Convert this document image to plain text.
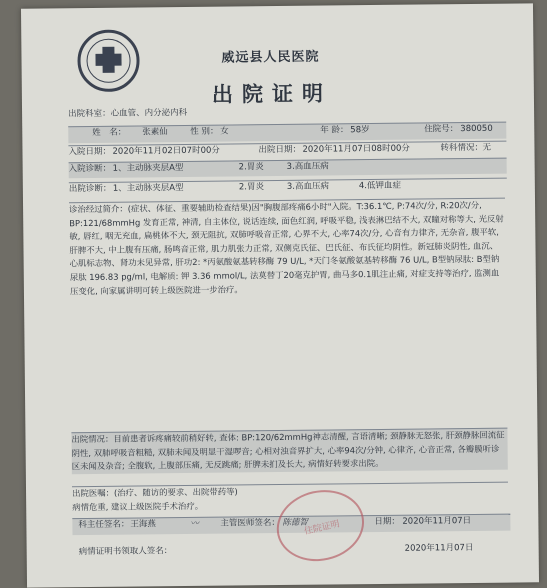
威远县人民医院
出院证明
出院科室：心血管、内分泌内科
姓　名： 张素仙	性 别： 女	年 龄： 58岁	住院号： 380050
入院日期： 2020年11月02日07时00分	出院日期： 2020年11月07日08时00分	转科情况： 无
入院诊断： 1、主动脉夹层A型	2.胃炎	3.高血压病
出院诊断： 1、主动脉夹层A型	2.胃炎	3.高血压病	4.低钾血症
诊治经过简介：(症状、体征、重要辅助检查结果)因"胸腹部疼痛6小时"入院。T:36.1℃, P:74次/分, R:20次/分, BP:121/68mmHg 发育正常, 神清, 自主体位, 说话连续, 面色红润, 呼吸平稳, 浅表淋巴结不大, 双瞳对称等大, 光反射敏, 唇红, 咽无充血, 扁桃体不大, 颈无阻抗, 双肺呼吸音正常, 心界不大, 心率74次/分, 心音有力律齐, 无杂音, 腹平软, 肝脾不大, 中上腹有压痛, 肠鸣音正常, 肌力肌张力正常, 双侧克氏征、巴氏征、布氏征均阴性。新冠肺炎阴性, 血沉、心肌标志物、肾功未见异常, 肝功2: *丙氨酸氨基转移酶 79 U/L, *天门冬氨酸氨基转移酶 76 U/L, B型钠尿肽: B型钠尿肽 196.83 pg/ml, 电解质: 钾 3.36 mmol/L, 法莫替丁20毫克护胃, 曲马多0.1肌注止痛, 对症支持等治疗, 监测血压变化, 向家属讲明可转上级医院进一步治疗。
出院情况：目前患者诉疼痛较前稍好转, 查体: BP:120/62mmHg神志清醒, 言语清晰; 颈静脉无怒张, 肝颈静脉回流征阴性, 双肺呼吸音粗糙, 双肺未闻及明显干湿啰音; 心相对浊音界扩大, 心率94次/分钟, 心律齐, 心音正常, 各瓣膜听诊区未闻及杂音; 全腹软, 上腹部压痛, 无反跳痛; 肝脾未扪及长大, 病情好转要求出院。
出院医嘱：(治疗、随访的要求、出院带药等)
病情危重, 建议上级医院手术治疗。
科主任签名： 王海燕	〰	主管医师签名： 陈德智	日期： 2020年11月07日
病情证明书领取人签名：	2020年11月07日
住院证明
